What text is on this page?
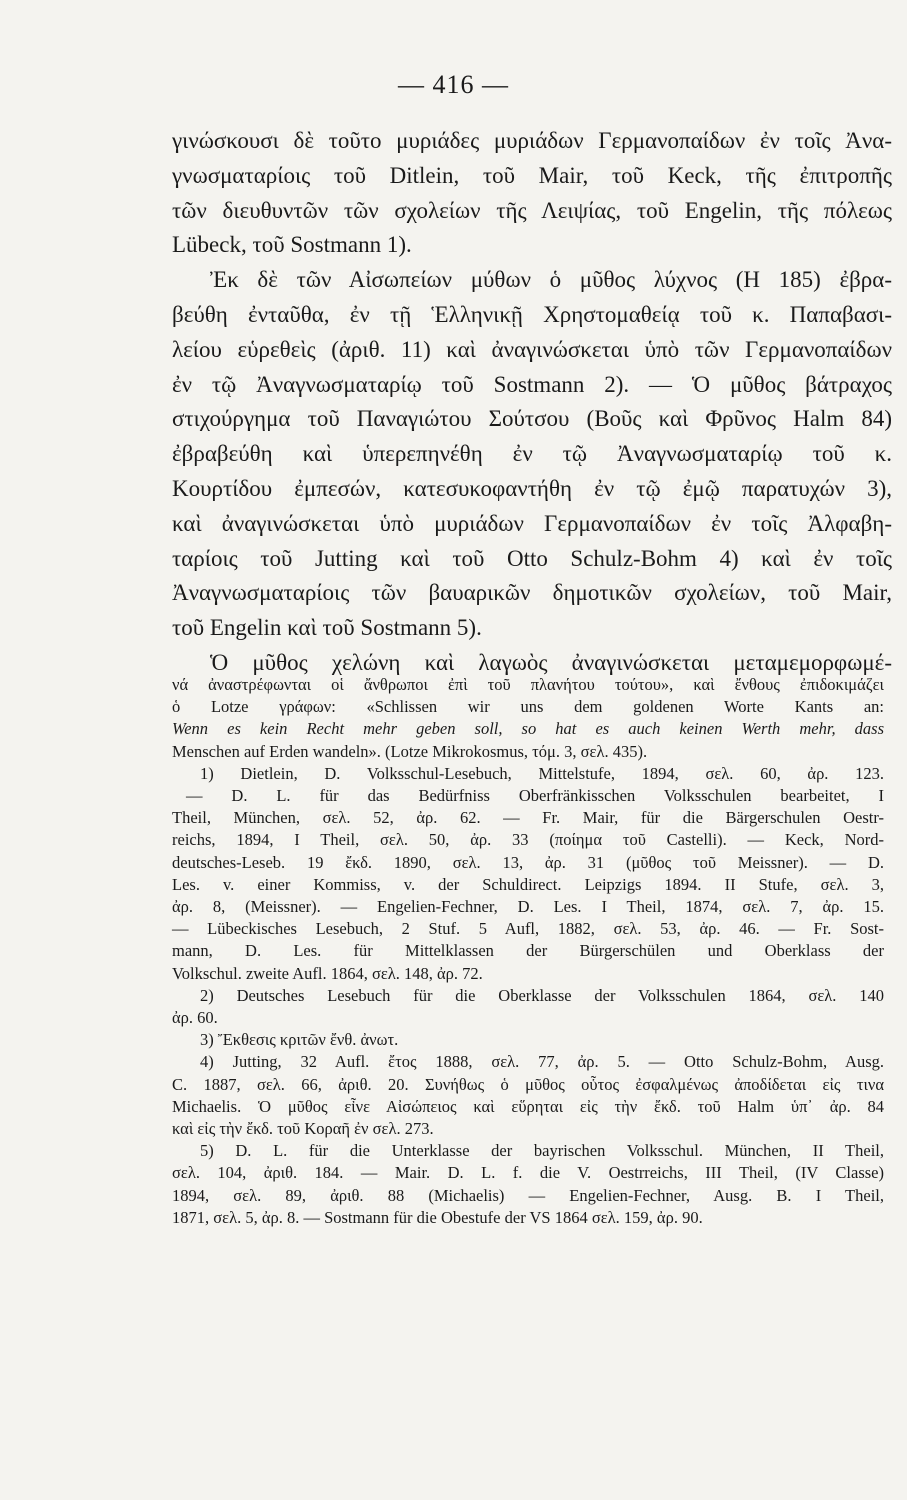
— 416 —

γινώσκουσι δὲ τοῦτο μυριάδες μυριάδων Γερμανοπαίδων ἐν τοῖς Ἀνα-
γνωσματαρίοις τοῦ Ditlein, τοῦ Mair, τοῦ Keck, τῆς ἐπιτροπῆς
τῶν διευθυντῶν τῶν σχολείων τῆς Λειψίας, τοῦ Engelin, τῆς πόλεως
Lübeck, τοῦ Sostmann 1).

Ἐκ δὲ τῶν Αἰσωπείων μύθων ὁ μῦθος λύχνος (Η 185) ἐβρα-
βεύθη ἐνταῦθα, ἐν τῇ Ἑλληνικῇ Χρηστομαθείᾳ τοῦ κ. Παπαβασι-
λείου εὑρεθεὶς (ἀριθ. 11) καὶ ἀναγινώσκεται ὑπὸ τῶν Γερμανοπαίδων
ἐν τῷ Ἀναγνωσματαρίῳ τοῦ Sostmann 2). — Ὁ μῦθος βάτραχος
στιχούργημα τοῦ Παναγιώτου Σούτσου (Βοῦς καὶ Φρῦνος Halm 84)
ἐβραβεύθη καὶ ὑπερεπηνέθη ἐν τῷ Ἀναγνωσματαρίῳ τοῦ κ.
Κουρτίδου ἐμπεσών, κατεσυκοφαντήθη ἐν τῷ ἐμῷ παρατυχών 3),
καὶ ἀναγινώσκεται ὑπὸ μυριάδων Γερμανοπαίδων ἐν τοῖς Ἀλφαβη-
ταρίοις τοῦ Jutting καὶ τοῦ Otto Schulz-Bohm 4) καὶ ἐν τοῖς
Ἀναγνωσματαρίοις τῶν βαυαρικῶν δημοτικῶν σχολείων, τοῦ Mair,
τοῦ Engelin καὶ τοῦ Sostmann 5).

Ὁ μῦθος χελώνη καὶ λαγωὸς ἀναγινώσκεται μεταμεμορφωμέ-

νά ἀναστρέφωνται οἱ ἄνθρωποι ἐπὶ τοῦ πλανήτου τούτου», καὶ ἔνθους ἐπιδοκιμάζει
ὁ Lotze γράφων: «Schlissen wir uns dem goldenen Worte Kants an:
Wenn es kein Recht mehr geben soll, so hat es auch keinen Werth mehr, dass
Menschen auf Erden wandeln». (Lotze Mikrokosmus, τόμ. 3, σελ. 435).
1) Dietlein, D. Volksschul-Lesebuch, Mittelstufe, 1894, σελ. 60, ἀρ. 123.
— D. L. für das Bedürfniss Oberfränkisschen Volksschulen bearbeitet, I
Theil, München, σελ. 52, ἀρ. 62. — Fr. Mair, für die Bärgerschulen Oestr-
reichs, 1894, I Theil, σελ. 50, ἀρ. 33 (ποίημα τοῦ Castelli). — Keck, Nord-
deutsches-Leseb. 19 ἔκδ. 1890, σελ. 13, ἀρ. 31 (μῦθος τοῦ Meissner). — D.
Les. v. einer Kommiss, v. der Schuldirect. Leipzigs 1894. II Stufe, σελ. 3,
ἀρ. 8, (Meissner). — Engelien-Fechner, D. Les. I Theil, 1874, σελ. 7, ἀρ. 15.
— Lübeckisches Lesebuch, 2 Stuf. 5 Aufl, 1882, σελ. 53, ἀρ. 46. — Fr. Sost-
mann, D. Les. für Mittelklassen der Bürgerschülen und Oberklass der
Volkschul. zweite Aufl. 1864, σελ. 148, ἀρ. 72.
2) Deutsches Lesebuch für die Oberklasse der Volksschulen 1864, σελ. 140
ἀρ. 60.
3) Ἔκθεσις κριτῶν ἔνθ. ἀνωτ.
4) Jutting, 32 Aufl. ἔτος 1888, σελ. 77, ἀρ. 5. — Otto Schulz-Bohm, Ausg.
C. 1887, σελ. 66, ἀριθ. 20. Συνήθως ὁ μῦθος οὗτος ἐσφαλμένως ἀποδίδεται εἰς τινα
Michaelis. Ὁ μῦθος εἶνε Αἰσώπειος καὶ εὕρηται εἰς τὴν ἔκδ. τοῦ Halm ὑπ᾽ ἀρ. 84
καὶ εἰς τὴν ἔκδ. τοῦ Κοραῆ ἐν σελ. 273.
5) D. L. für die Unterklasse der bayrischen Volksschul. München, II Theil,
σελ. 104, ἀριθ. 184. — Mair. D. L. f. die V. Oestrreichs, III Theil, (IV Classe)
1894, σελ. 89, ἀριθ. 88 (Michaelis) — Engelien-Fechner, Ausg. B. I Theil,
1871, σελ. 5, ἀρ. 8. — Sostmann für die Obestufe der VS 1864 σελ. 159, ἀρ. 90.
